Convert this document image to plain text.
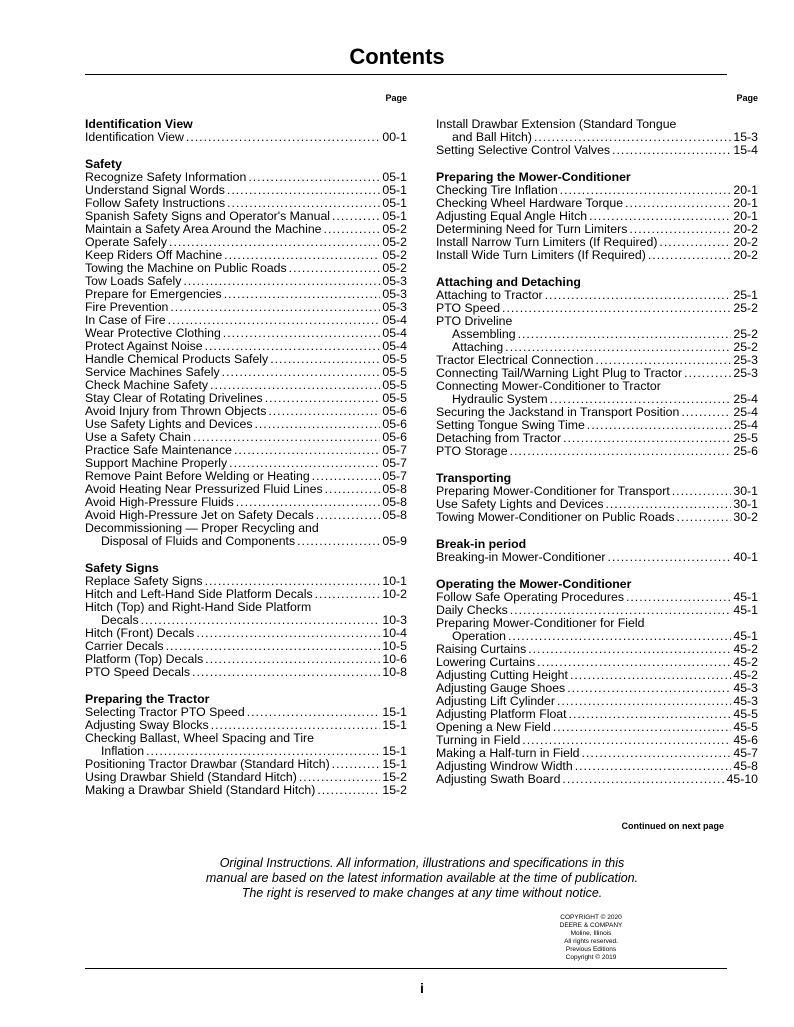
Contents
Page
Identification View
Identification View .....	00-1
Safety
Recognize Safety Information .....	05-1
Understand Signal Words .....	05-1
Follow Safety Instructions .....	05-1
Spanish Safety Signs and Operator's Manual .....	05-1
Maintain a Safety Area Around the Machine .....	05-2
Operate Safely .....	05-2
Keep Riders Off Machine .....	05-2
Towing the Machine on Public Roads .....	05-2
Tow Loads Safely .....	05-3
Prepare for Emergencies .....	05-3
Fire Prevention .....	05-3
In Case of Fire .....	05-4
Wear Protective Clothing .....	05-4
Protect Against Noise .....	05-4
Handle Chemical Products Safely .....	05-5
Service Machines Safely .....	05-5
Check Machine Safety .....	05-5
Stay Clear of Rotating Drivelines .....	05-5
Avoid Injury from Thrown Objects .....	05-6
Use Safety Lights and Devices .....	05-6
Use a Safety Chain .....	05-6
Practice Safe Maintenance .....	05-7
Support Machine Properly .....	05-7
Remove Paint Before Welding or Heating .....	05-7
Avoid Heating Near Pressurized Fluid Lines .....	05-8
Avoid High-Pressure Fluids .....	05-8
Avoid High-Pressure Jet on Safety Decals .....	05-8
Decommissioning — Proper Recycling and
Disposal of Fluids and Components .....	05-9
Safety Signs
Replace Safety Signs .....	10-1
Hitch and Left-Hand Side Platform Decals .....	10-2
Hitch (Top) and Right-Hand Side Platform
Decals .....	10-3
Hitch (Front) Decals .....	10-4
Carrier Decals .....	10-5
Platform (Top) Decals .....	10-6
PTO Speed Decals .....	10-8
Preparing the Tractor
Selecting Tractor PTO Speed .....	15-1
Adjusting Sway Blocks .....	15-1
Checking Ballast, Wheel Spacing and Tire
Inflation .....	15-1
Positioning Tractor Drawbar (Standard Hitch) .....	15-1
Using Drawbar Shield (Standard Hitch) .....	15-2
Making a Drawbar Shield (Standard Hitch) .....	15-2
Page
Install Drawbar Extension (Standard Tongue
and Ball Hitch) .....	15-3
Setting Selective Control Valves .....	15-4
Preparing the Mower-Conditioner
Checking Tire Inflation .....	20-1
Checking Wheel Hardware Torque .....	20-1
Adjusting Equal Angle Hitch .....	20-1
Determining Need for Turn Limiters .....	20-2
Install Narrow Turn Limiters (If Required) .....	20-2
Install Wide Turn Limiters (If Required) .....	20-2
Attaching and Detaching
Attaching to Tractor .....	25-1
PTO Speed .....	25-2
PTO Driveline
Assembling .....	25-2
Attaching .....	25-2
Tractor Electrical Connection .....	25-3
Connecting Tail/Warning Light Plug to Tractor .....	25-3
Connecting Mower-Conditioner to Tractor
Hydraulic System .....	25-4
Securing the Jackstand in Transport Position .....	25-4
Setting Tongue Swing Time .....	25-4
Detaching from Tractor .....	25-5
PTO Storage .....	25-6
Transporting
Preparing Mower-Conditioner for Transport .....	30-1
Use Safety Lights and Devices .....	30-1
Towing Mower-Conditioner on Public Roads .....	30-2
Break-in period
Breaking-in Mower-Conditioner .....	40-1
Operating the Mower-Conditioner
Follow Safe Operating Procedures .....	45-1
Daily Checks .....	45-1
Preparing Mower-Conditioner for Field
Operation .....	45-1
Raising Curtains .....	45-2
Lowering Curtains .....	45-2
Adjusting Cutting Height .....	45-2
Adjusting Gauge Shoes .....	45-3
Adjusting Lift Cylinder .....	45-3
Adjusting Platform Float .....	45-5
Opening a New Field .....	45-5
Turning in Field .....	45-6
Making a Half-turn in Field .....	45-7
Adjusting Windrow Width .....	45-8
Adjusting Swath Board .....	45-10
Continued on next page
Original Instructions. All information, illustrations and specifications in this
manual are based on the latest information available at the time of publication.
The right is reserved to make changes at any time without notice.
COPYRIGHT © 2020
DEERE & COMPANY
Moline, Illinois
All rights reserved.
Previous Editions
Copyright © 2019
i
